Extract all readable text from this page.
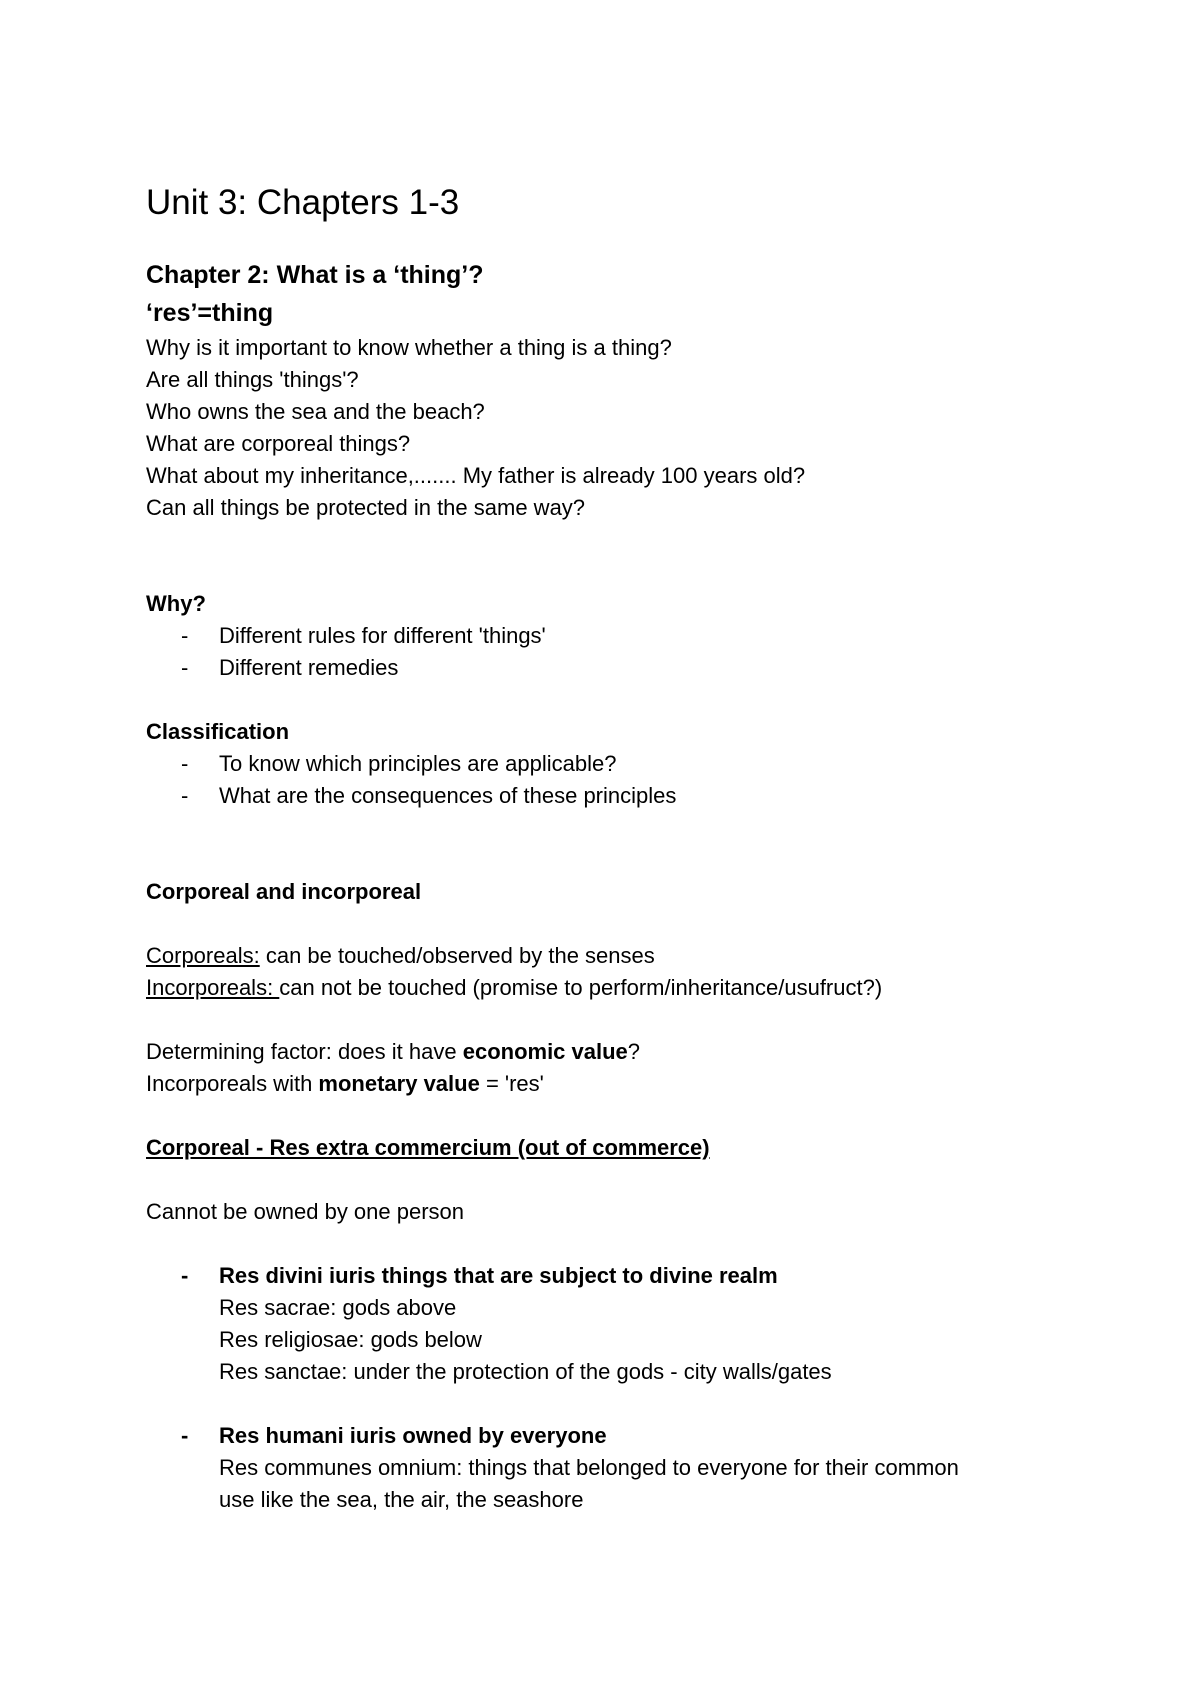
Unit 3: Chapters 1-3
Chapter 2: What is a ‘thing’?
‘res’=thing
Why is it important to know whether a thing is a thing?
Are all things 'things'?
Who owns the sea and the beach?
What are corporeal things?
What about my inheritance,....... My father is already 100 years old?
Can all things be protected in the same way?
Why?
- Different rules for different 'things'
- Different remedies
Classification
- To know which principles are applicable?
- What are the consequences of these principles
Corporeal and incorporeal
Corporeals: can be touched/observed by the senses
Incorporeals: can not be touched (promise to perform/inheritance/usufruct?)
Determining factor: does it have economic value?
Incorporeals with monetary value = 'res'
Corporeal - Res extra commercium (out of commerce)
Cannot be owned by one person
- Res divini iuris things that are subject to divine realm
Res sacrae: gods above
Res religiosae: gods below
Res sanctae: under the protection of the gods - city walls/gates
- Res humani iuris owned by everyone
Res communes omnium: things that belonged to everyone for their common
use like the sea, the air, the seashore
